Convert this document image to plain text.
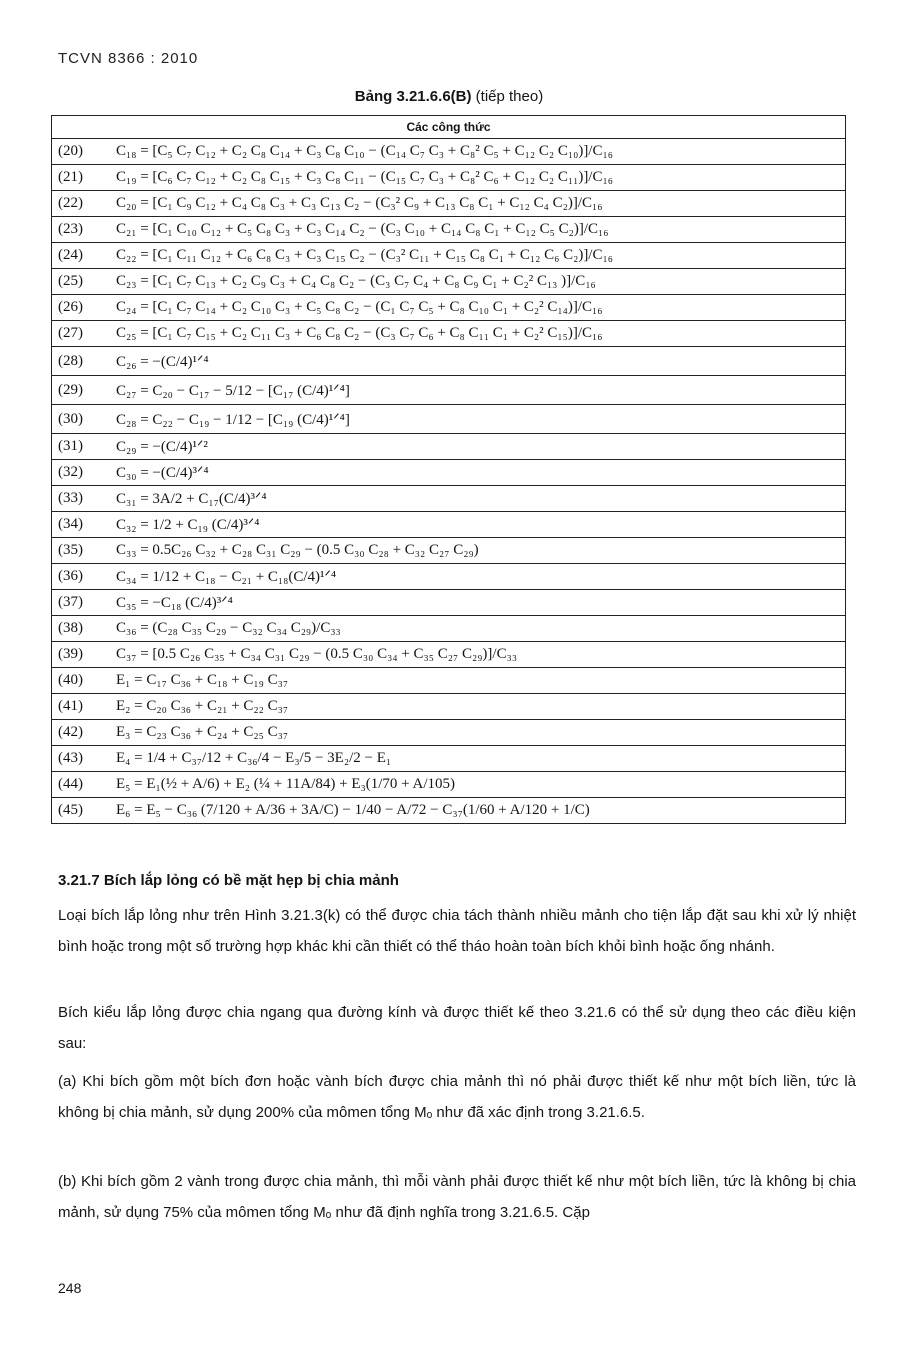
TCVN 8366 : 2010
Bảng 3.21.6.6(B) (tiếp theo)
Các công thức	
(20)	C₁₈ = [C₅ C₇ C₁₂ + C₂ C₈ C₁₄ + C₃ C₈ C₁₀ − (C₁₄ C₇ C₃ + C₈² C₅ + C₁₂ C₂ C₁₀)]/C₁₆
(21)	C₁₉ = [C₆ C₇ C₁₂ + C₂ C₈ C₁₅ + C₃ C₈ C₁₁ − (C₁₅ C₇ C₃ + C₈² C₆ + C₁₂ C₂ C₁₁)]/C₁₆
(22)	C₂₀ = [C₁ C₉ C₁₂ + C₄ C₈ C₃ + C₃ C₁₃ C₂ − (C₃² C₉ + C₁₃ C₈ C₁ + C₁₂ C₄ C₂)]/C₁₆
(23)	C₂₁ = [C₁ C₁₀ C₁₂ + C₅ C₈ C₃ + C₃ C₁₄ C₂ − (C₃ C₁₀ + C₁₄ C₈ C₁ + C₁₂ C₅ C₂)]/C₁₆
(24)	C₂₂ = [C₁ C₁₁ C₁₂ + C₆ C₈ C₃ + C₃ C₁₅ C₂ − (C₃² C₁₁ + C₁₅ C₈ C₁ + C₁₂ C₆ C₂)]/C₁₆
(25)	C₂₃ = [C₁ C₇ C₁₃ + C₂ C₉ C₃ + C₄ C₈ C₂ − (C₃ C₇ C₄ + C₈ C₉ C₁ + C₂² C₁₃ )]/C₁₆
(26)	C₂₄ = [C₁ C₇ C₁₄ + C₂ C₁₀ C₃ + C₅ C₈ C₂ − (C₁ C₇ C₅ + C₈ C₁₀ C₁ + C₂² C₁₄)]/C₁₆
(27)	C₂₅ = [C₁ C₇ C₁₅ + C₂ C₁₁ C₃ + C₆ C₈ C₂ − (C₃ C₇ C₆ + C₈ C₁₁ C₁ + C₂² C₁₅)]/C₁₆
(28)	C₂₆ = −(C/4)¹ᐟ⁴
(29)	C₂₇ = C₂₀ − C₁₇ − 5/12 − [C₁₇ (C/4)¹ᐟ⁴]
(30)	C₂₈ = C₂₂ − C₁₉ − 1/12 − [C₁₉ (C/4)¹ᐟ⁴]
(31)	C₂₉ = −(C/4)¹ᐟ²
(32)	C₃₀ = −(C/4)³ᐟ⁴
(33)	C₃₁ = 3A/2 + C₁₇(C/4)³ᐟ⁴
(34)	C₃₂ = 1/2 + C₁₉ (C/4)³ᐟ⁴
(35)	C₃₃ = 0.5C₂₆ C₃₂ + C₂₈ C₃₁ C₂₉ − (0.5 C₃₀ C₂₈ + C₃₂ C₂₇ C₂₉)
(36)	C₃₄ = 1/12 + C₁₈ − C₂₁ + C₁₈(C/4)¹ᐟ⁴
(37)	C₃₅ = −C₁₈ (C/4)³ᐟ⁴
(38)	C₃₆ = (C₂₈ C₃₅ C₂₉ − C₃₂ C₃₄ C₂₉)/C₃₃
(39)	C₃₇ = [0.5 C₂₆ C₃₅ + C₃₄ C₃₁ C₂₉ − (0.5 C₃₀ C₃₄ + C₃₅ C₂₇ C₂₉)]/C₃₃
(40)	E₁ = C₁₇ C₃₆ + C₁₈ + C₁₉ C₃₇
(41)	E₂ = C₂₀ C₃₆ + C₂₁ + C₂₂ C₃₇
(42)	E₃ = C₂₃ C₃₆ + C₂₄ + C₂₅ C₃₇
(43)	E₄ = 1/4 + C₃₇/12 + C₃₆/4 − E₃/5 − 3E₂/2 − E₁
(44)	E₅ = E₁(½ + A/6) + E₂ (¼ + 11A/84) + E₃(1/70 + A/105)
(45)	E₆ = E₅ − C₃₆ (7/120 + A/36 + 3A/C) − 1/40 − A/72 − C₃₇(1/60 + A/120 + 1/C)
3.21.7 Bích lắp lỏng có bề mặt hẹp bị chia mảnh
Loại bích lắp lỏng như trên Hình 3.21.3(k) có thể được chia tách thành nhiều mảnh cho tiện lắp đặt sau khi xử lý nhiệt bình hoặc trong một số trường hợp khác khi cần thiết có thể tháo hoàn toàn bích khỏi bình hoặc ống nhánh.
Bích kiểu lắp lỏng được chia ngang qua đường kính và được thiết kế theo 3.21.6 có thể sử dụng theo các điều kiện sau:
(a) Khi bích gồm một bích đơn hoặc vành bích được chia mảnh thì nó phải được thiết kế như một bích liền, tức là không bị chia mảnh, sử dụng 200% của mômen tổng Mₒ như đã xác định trong 3.21.6.5.
(b) Khi bích gồm 2 vành trong được chia mảnh, thì mỗi vành phải được thiết kế như một bích liền, tức là không bị chia mảnh, sử dụng 75% của mômen tổng Mₒ như đã định nghĩa trong 3.21.6.5. Cặp
248
